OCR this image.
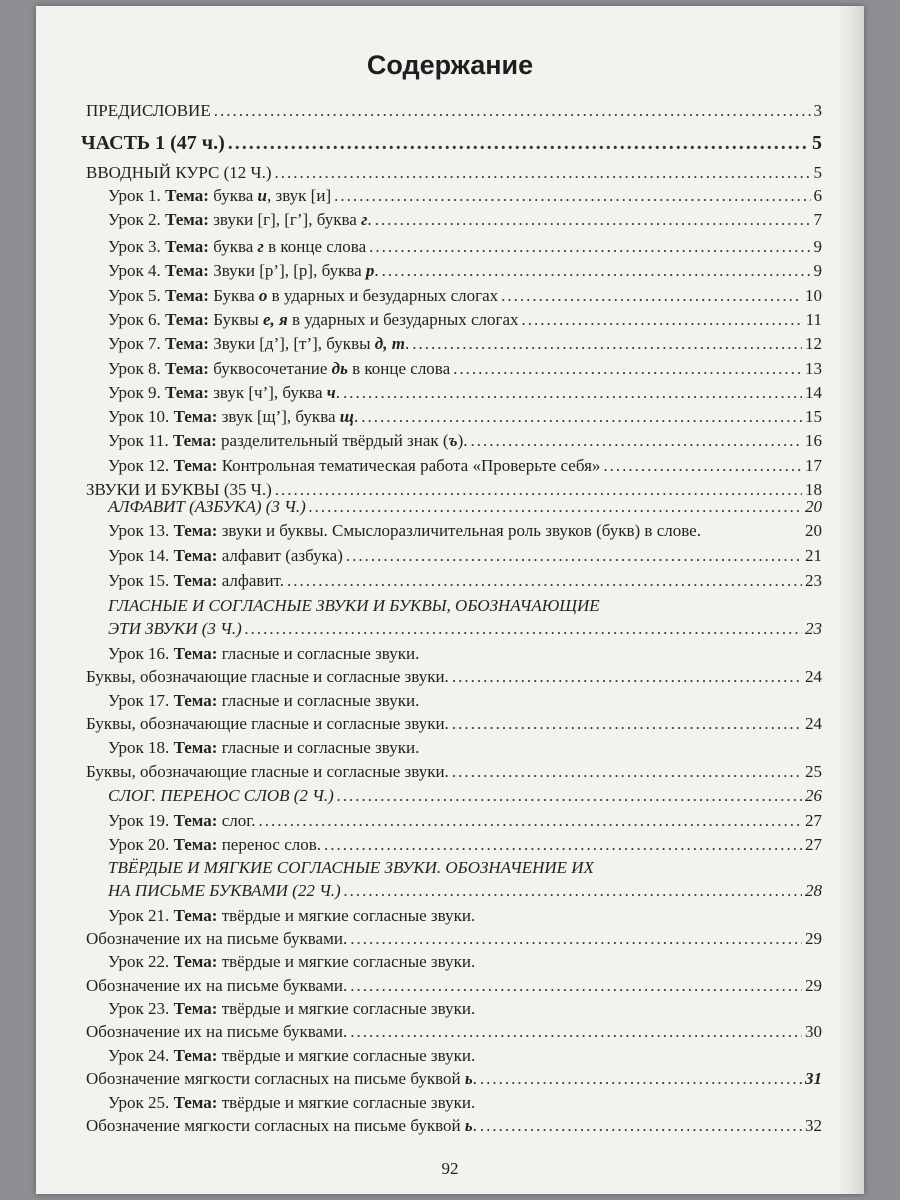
Содержание
ПРЕДИСЛОВИЕ .....	3
ЧАСТЬ 1 (47 ч.) .....	5
ВВОДНЫЙ КУРС (12 Ч.) .....	5
Урок 1. Тема: буква и, звук [и] .....	6
Урок 2. Тема: звуки [г], [г’], буква г. .....	7
Урок 3. Тема: буква г в конце слова .....	9
Урок 4. Тема: Звуки [р’], [р], буква р. .....	9
Урок 5. Тема: Буква о в ударных и безударных слогах .....	10
Урок 6. Тема: Буквы е, я в ударных и безударных слогах .....	11
Урок 7. Тема: Звуки [д’], [т’], буквы д, т. .....	12
Урок 8. Тема: буквосочетание дь в конце слова .....	13
Урок 9. Тема: звук [ч’], буква ч. .....	14
Урок 10. Тема: звук [щ’], буква щ. .....	15
Урок 11. Тема: разделительный твёрдый знак (ъ). .....	16
Урок 12. Тема: Контрольная тематическая работа «Проверьте себя» .....	17
ЗВУКИ И БУКВЫ (35 Ч.) .....	18
АЛФАВИТ (АЗБУКА) (3 Ч.) .....	20
Урок 13. Тема: звуки и буквы. Смыслоразличительная роль звуков (букв) в слове.	20
Урок 14. Тема: алфавит (азбука) .....	21
Урок 15. Тема: алфавит. .....	23
ГЛАСНЫЕ И СОГЛАСНЫЕ ЗВУКИ И БУКВЫ, ОБОЗНАЧАЮЩИЕ
ЭТИ ЗВУКИ (3 Ч.) .....	23
Урок 16. Тема: гласные и согласные звуки.
Буквы, обозначающие гласные и согласные звуки. .....	24
Урок 17. Тема: гласные и согласные звуки.
Буквы, обозначающие гласные и согласные звуки. .....	24
Урок 18. Тема: гласные и согласные звуки.
Буквы, обозначающие гласные и согласные звуки. .....	25
СЛОГ. ПЕРЕНОС СЛОВ (2 Ч.) .....	26
Урок 19. Тема: слог. .....	27
Урок 20. Тема: перенос слов. .....	27
ТВЁРДЫЕ И МЯГКИЕ СОГЛАСНЫЕ ЗВУКИ. ОБОЗНАЧЕНИЕ ИХ
НА ПИСЬМЕ БУКВАМИ (22 Ч.) .....	28
Урок 21. Тема: твёрдые и мягкие согласные звуки.
Обозначение их на письме буквами. .....	29
Урок 22. Тема: твёрдые и мягкие согласные звуки.
Обозначение их на письме буквами. .....	29
Урок 23. Тема: твёрдые и мягкие согласные звуки.
Обозначение их на письме буквами. .....	30
Урок 24. Тема: твёрдые и мягкие согласные звуки.
Обозначение мягкости согласных на письме буквой ь. .....	31
Урок 25. Тема: твёрдые и мягкие согласные звуки.
Обозначение мягкости согласных на письме буквой ь. .....	32
92
